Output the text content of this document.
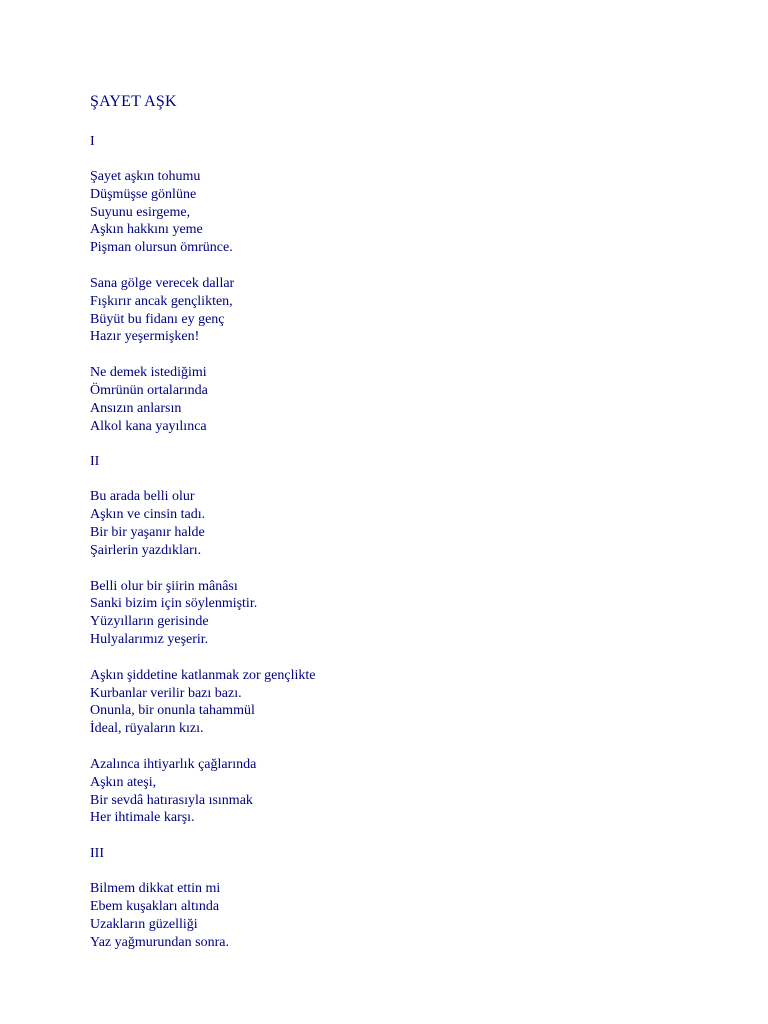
ŞAYET AŞK
I
Şayet aşkın tohumu
Düşmüşse gönlüne
Suyunu esirgeme,
Aşkın hakkını yeme
Pişman olursun ömrünce.
Sana gölge verecek dallar
Fışkırır ancak gençlikten,
Büyüt bu fidanı ey genç
Hazır yeşermişken!
Ne demek istediğimi
Ömrünün ortalarında
Ansızın anlarsın
Alkol kana yayılınca
II
Bu arada belli olur
Aşkın ve cinsin tadı.
Bir bir yaşanır halde
Şairlerin yazdıkları.
Belli olur bir şiirin mânâsı
Sanki bizim için söylenmiştir.
Yüzyılların gerisinde
Hulyalarımız yeşerir.
Aşkın şiddetine katlanmak zor gençlikte
Kurbanlar verilir bazı bazı.
Onunla, bir onunla tahammül
İdeal, rüyaların kızı.
Azalınca ihtiyarlık çağlarında
Aşkın ateşi,
Bir sevdâ hatırasıyla ısınmak
Her ihtimale karşı.
III
Bilmem dikkat ettin mi
Ebem kuşakları altında
Uzakların güzelliği
Yaz yağmurundan sonra.
